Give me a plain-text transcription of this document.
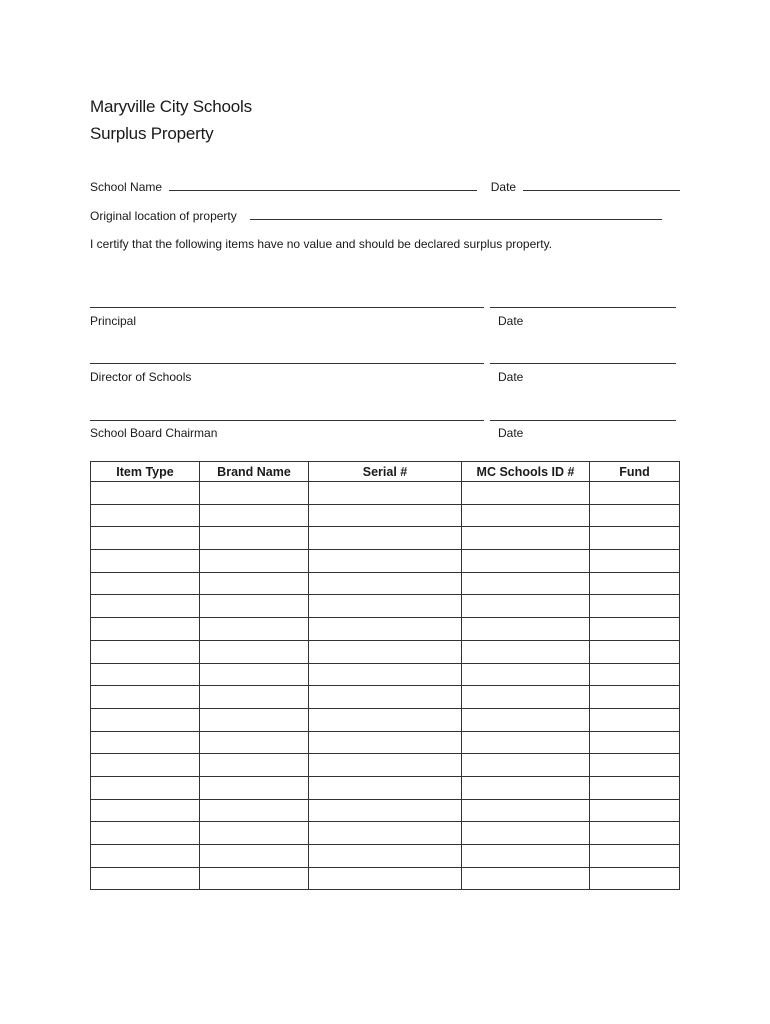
Maryville City Schools
Surplus Property
School Name	Date
Original location of property
I certify that the following items have no value and should be declared surplus property.
Principal	Date
Director of Schools	Date
School Board Chairman	Date
Item Type	Brand Name	Serial #	MC Schools ID #	Fund
